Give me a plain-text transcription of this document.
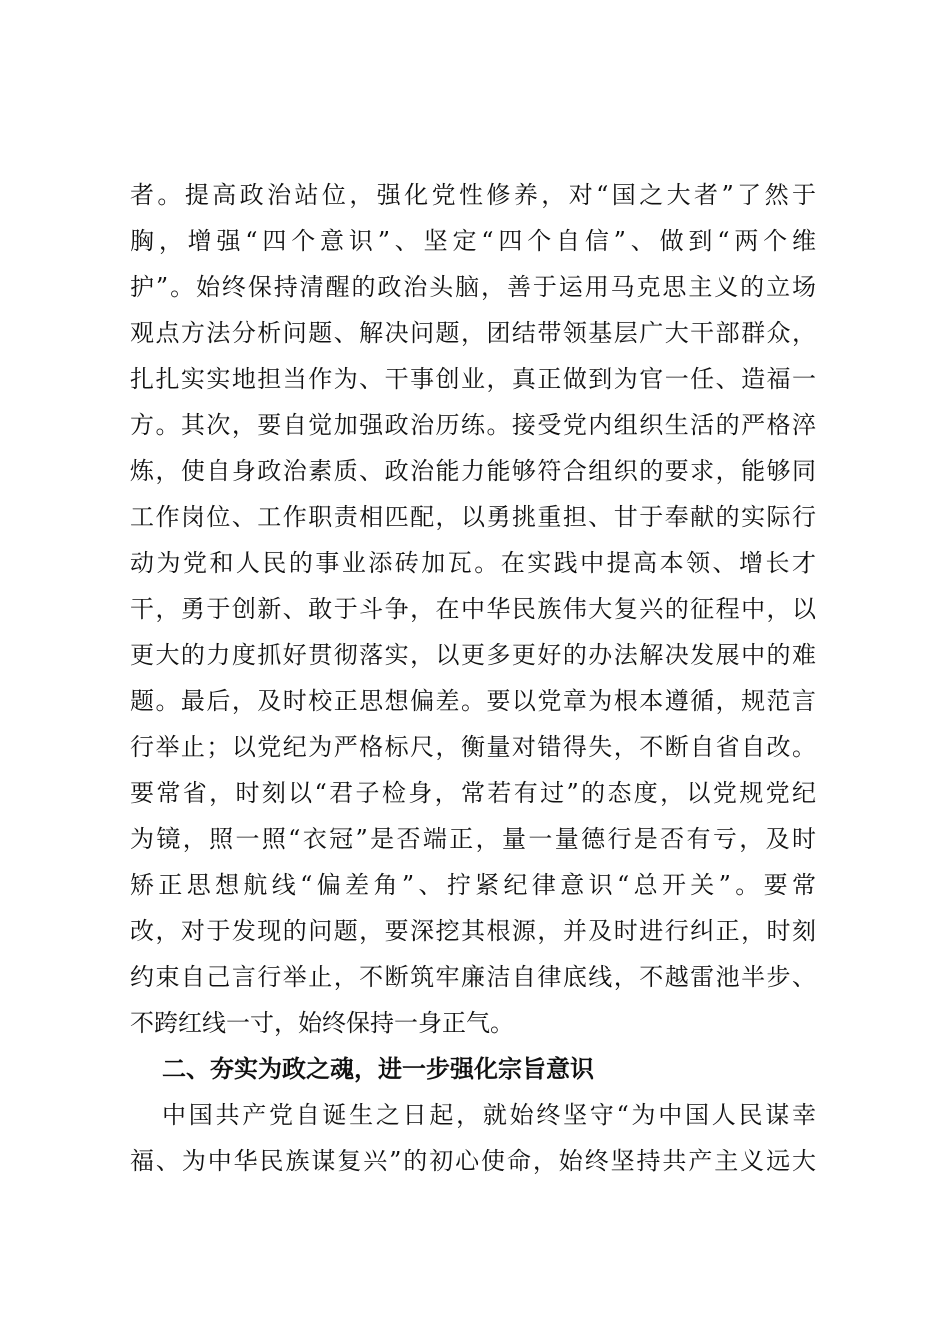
者。提高政治站位，强化党性修养，对“国之大者”了然于
胸，增强“四个意识”、坚定“四个自信”、做到“两个维
护”。始终保持清醒的政治头脑，善于运用马克思主义的立场
观点方法分析问题、解决问题，团结带领基层广大干部群众，
扎扎实实地担当作为、干事创业，真正做到为官一任、造福一
方。其次，要自觉加强政治历练。接受党内组织生活的严格淬
炼，使自身政治素质、政治能力能够符合组织的要求，能够同
工作岗位、工作职责相匹配，以勇挑重担、甘于奉献的实际行
动为党和人民的事业添砖加瓦。在实践中提高本领、增长才
干，勇于创新、敢于斗争，在中华民族伟大复兴的征程中，以
更大的力度抓好贯彻落实，以更多更好的办法解决发展中的难
题。最后，及时校正思想偏差。要以党章为根本遵循，规范言
行举止；以党纪为严格标尺，衡量对错得失，不断自省自改。
要常省，时刻以“君子检身，常若有过”的态度，以党规党纪
为镜，照一照“衣冠”是否端正，量一量德行是否有亏，及时
矫正思想航线“偏差角”、拧紧纪律意识“总开关”。要常
改，对于发现的问题，要深挖其根源，并及时进行纠正，时刻
约束自己言行举止，不断筑牢廉洁自律底线，不越雷池半步、
不跨红线一寸，始终保持一身正气。
二、夯实为政之魂，进一步强化宗旨意识
中国共产党自诞生之日起，就始终坚守“为中国人民谋幸
福、为中华民族谋复兴”的初心使命，始终坚持共产主义远大
